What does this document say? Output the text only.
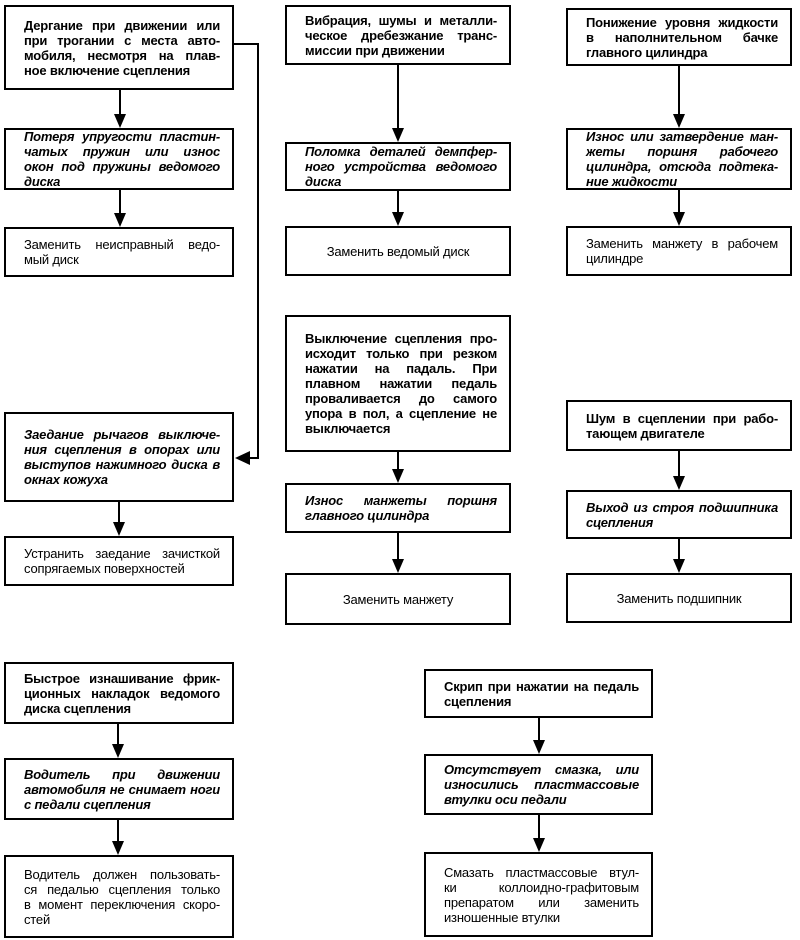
Дергание при движении или
при трогании с места авто-
мобиля, несмотря на плав-
ное включение сцепления
Потеря упругости пластин-
чатых пружин или износ
окон под пружины ведомого
диска
Заменить неисправный ведо-
мый диск
Заедание рычагов выключе-
ния сцепления в опорах или
выступов нажимного диска в
окнах кожуха
Устранить заедание зачисткой
сопрягаемых поверхностей
Вибрация, шумы и металли-
ческое дребезжание транс-
миссии при движении
Поломка деталей демпфер-
ного устройства ведомого
диска
Заменить ведомый диск
Понижение уровня жидкости
в наполнительном бачке
главного цилиндра
Износ или затвердение ман-
жеты поршня рабочего
цилиндра, отсюда подтека-
ние жидкости
Заменить манжету в рабочем
цилиндре
Выключение сцепления про-
исходит только при резком
нажатии на падаль. При
плавном нажатии педаль
проваливается до самого
упора в пол, а сцепление не
выключается
Износ манжеты поршня
главного цилиндра
Заменить манжету
Шум в сцеплении при рабо-
тающем двигателе
Выход из строя подшипника
сцепления
Заменить подшипник
Быстрое изнашивание фрик-
ционных накладок ведомого
диска сцепления
Водитель при движении
автомобиля не снимает ноги
с педали сцепления
Водитель должен пользовать-
ся педалью сцепления только
в момент переключения скоро-
стей
Скрип при нажатии на педаль
сцепления
Отсутствует смазка, или
износились пластмассовые
втулки оси педали
Смазать пластмассовые втул-
ки коллоидно-графитовым
препаратом или заменить
изношенные втулки
